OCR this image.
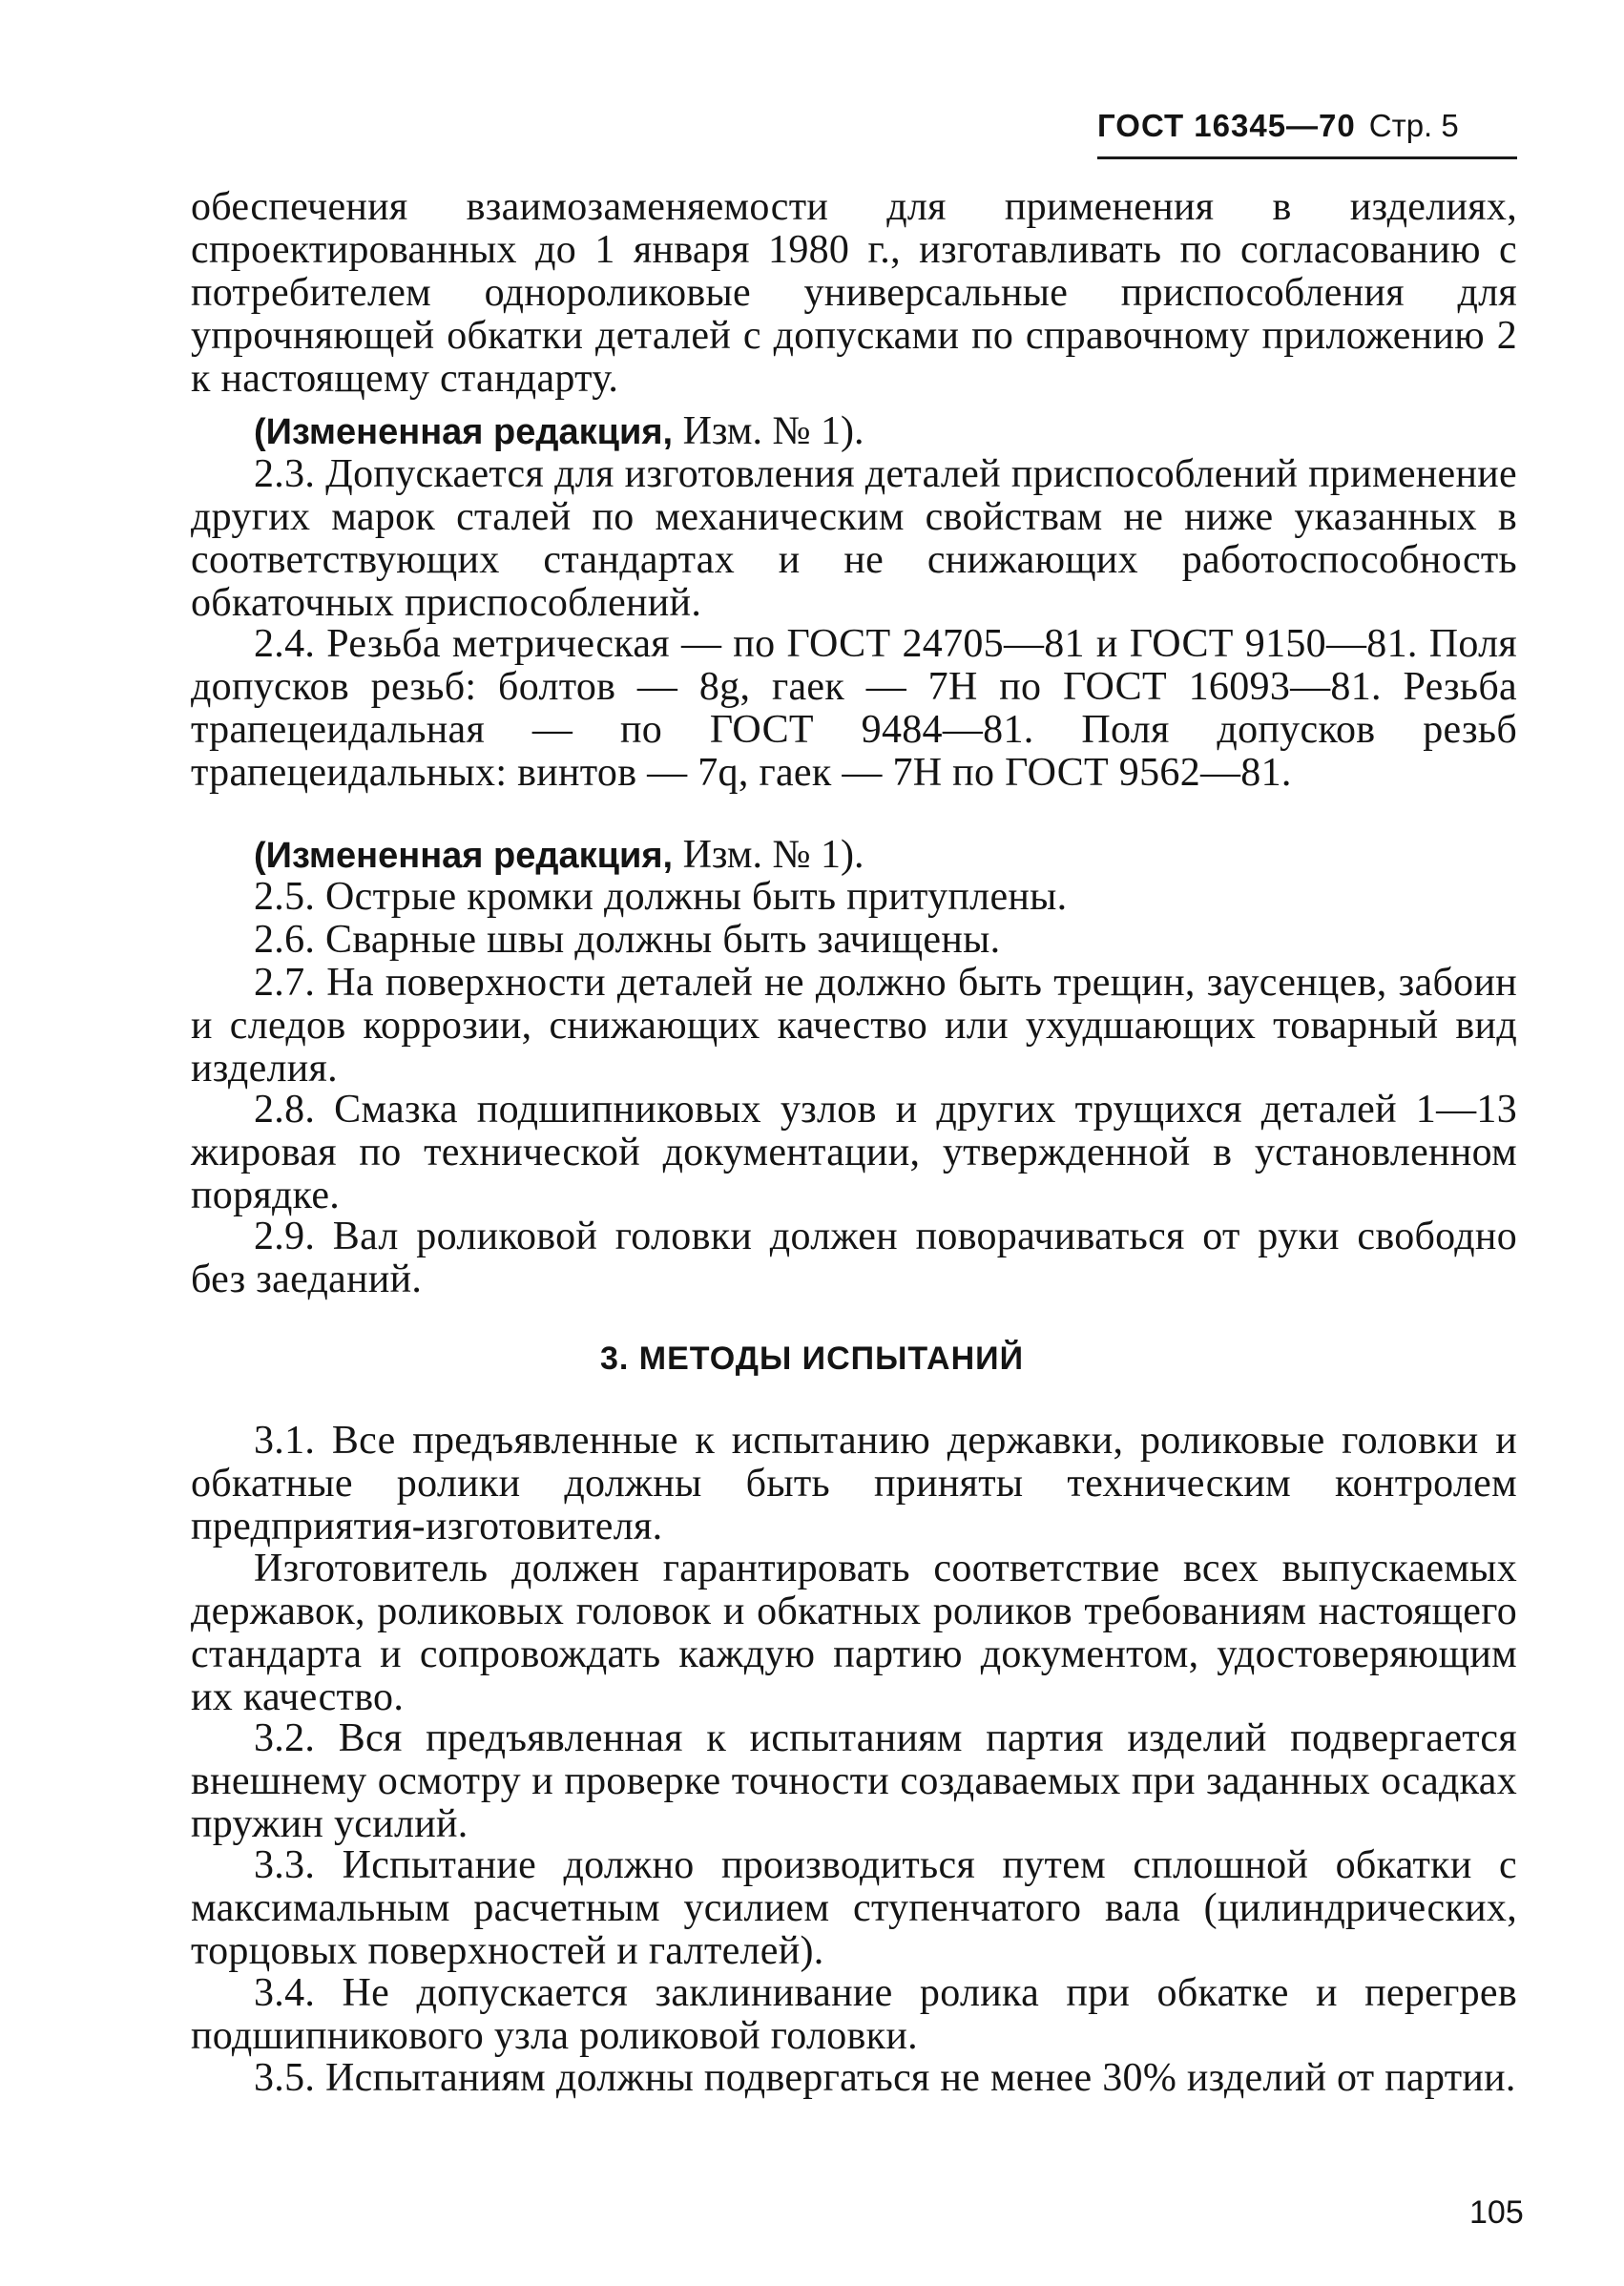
ГОСТ 16345—70 Стр. 5

обеспечения взаимозаменяемости для применения в изделиях, спроектированных до 1 января 1980 г., изготавливать по согласованию с потребителем однороликовые универсальные приспособления для упрочняющей обкатки деталей с допусками по справочному приложению 2 к настоящему стандарту.

(Измененная редакция, Изм. № 1).

2.3. Допускается для изготовления деталей приспособлений применение других марок сталей по механическим свойствам не ниже указанных в соответствующих стандартах и не снижающих работоспособность обкаточных приспособлений.

2.4. Резьба метрическая — по ГОСТ 24705—81 и ГОСТ 9150—81. Поля допусков резьб: болтов — 8g, гаек — 7Н по ГОСТ 16093—81. Резьба трапецеидальная — по ГОСТ 9484—81. Поля допусков резьб трапецеидальных: винтов — 7q, гаек — 7Н по ГОСТ 9562—81.

(Измененная редакция, Изм. № 1).

2.5. Острые кромки должны быть притуплены.

2.6. Сварные швы должны быть зачищены.

2.7. На поверхности деталей не должно быть трещин, заусенцев, забоин и следов коррозии, снижающих качество или ухудшающих товарный вид изделия.

2.8. Смазка подшипниковых узлов и других трущихся деталей 1—13 жировая по технической документации, утвержденной в установленном порядке.

2.9. Вал роликовой головки должен поворачиваться от руки свободно без заеданий.

3. МЕТОДЫ ИСПЫТАНИЙ

3.1. Все предъявленные к испытанию державки, роликовые головки и обкатные ролики должны быть приняты техническим контролем предприятия-изготовителя.

Изготовитель должен гарантировать соответствие всех выпускаемых державок, роликовых головок и обкатных роликов требованиям настоящего стандарта и сопровождать каждую партию документом, удостоверяющим их качество.

3.2. Вся предъявленная к испытаниям партия изделий подвергается внешнему осмотру и проверке точности создаваемых при заданных осадках пружин усилий.

3.3. Испытание должно производиться путем сплошной обкатки с максимальным расчетным усилием ступенчатого вала (цилиндрических, торцовых поверхностей и галтелей).

3.4. Не допускается заклинивание ролика при обкатке и перегрев подшипникового узла роликовой головки.

3.5. Испытаниям должны подвергаться не менее 30% изделий от партии.

105
